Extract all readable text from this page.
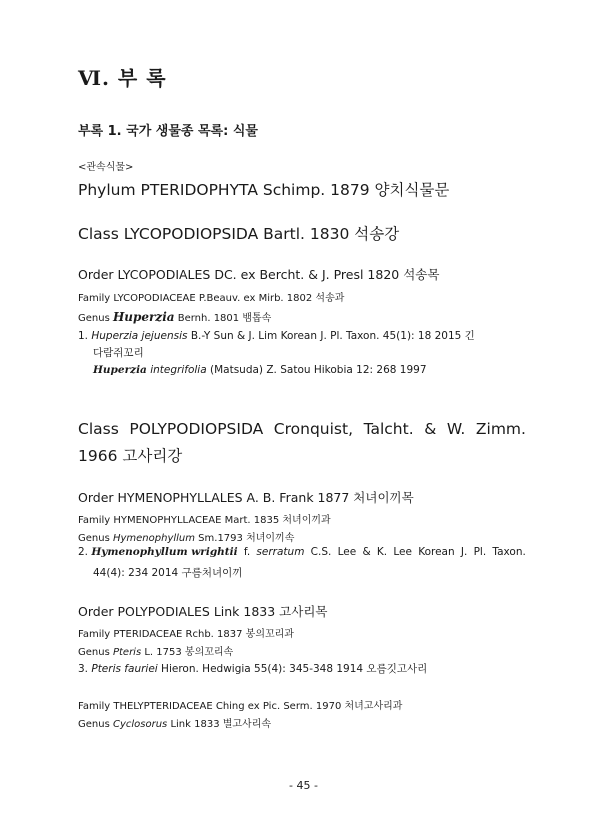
Ⅵ. 부 록
부록 1. 국가 생물종 목록: 식물
<관속식물>
Phylum PTERIDOPHYTA Schimp. 1879 양치식물문
Class LYCOPODIOPSIDA Bartl. 1830 석송강
Order LYCOPODIALES DC. ex Bercht. & J. Presl 1820 석송목
Family LYCOPODIACEAE P.Beauv. ex Mirb. 1802 석송과
Genus Huperzia Bernh. 1801 뱀톱속
1. Huperzia jejuensis B.-Y Sun & J. Lim Korean J. Pl. Taxon. 45(1): 18 2015 긴
다람쥐꼬리
Huperzia integrifolia (Matsuda) Z. Satou Hikobia 12: 268 1997
Class POLYPODIOPSIDA Cronquist, Talcht. & W. Zimm.
1966 고사리강
Order HYMENOPHYLLALES A. B. Frank 1877 처녀이끼목
Family HYMENOPHYLLACEAE Mart. 1835 처녀이끼과
Genus Hymenophyllum Sm.1793 처녀이끼속
2. Hymenophyllum wrightii f. serratum C.S. Lee & K. Lee Korean J. Pl. Taxon.
44(4): 234 2014 구름처녀이끼
Order POLYPODIALES Link 1833 고사리목
Family PTERIDACEAE Rchb. 1837 봉의꼬리과
Genus Pteris L. 1753 봉의꼬리속
3. Pteris fauriei Hieron. Hedwigia 55(4): 345-348 1914 오름깃고사리
Family THELYPTERIDACEAE Ching ex Pic. Serm. 1970 처녀고사리과
Genus Cyclosorus Link 1833 별고사리속
- 45 -
